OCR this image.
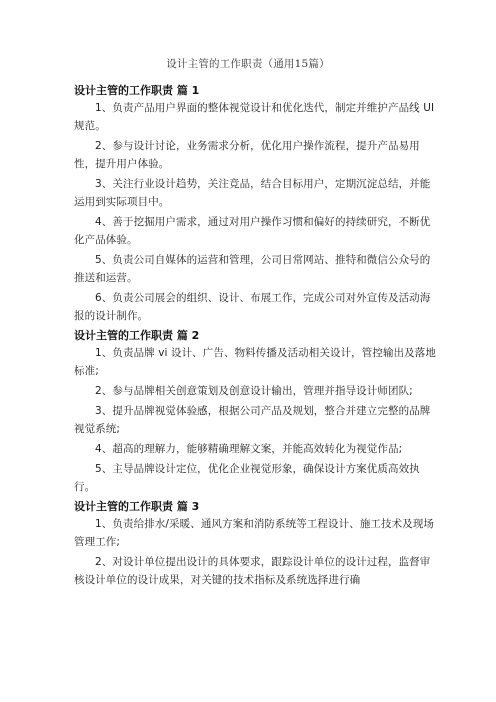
设计主管的工作职责（通用15篇）

设计主管的工作职责 篇 1

1、负责产品用户界面的整体视觉设计和优化迭代，制定并维护产品线 UI 规范。

2、参与设计讨论，业务需求分析，优化用户操作流程，提升产品易用性，提升用户体验。

3、关注行业设计趋势，关注竞品，结合目标用户，定期沉淀总结，并能运用到实际项目中。

4、善于挖掘用户需求，通过对用户操作习惯和偏好的持续研究，不断优化产品体验。

5、负责公司自媒体的运营和管理，公司日常网站、推特和微信公众号的推送和运营。

6、负责公司展会的组织、设计、布展工作，完成公司对外宣传及活动海报的设计制作。

设计主管的工作职责 篇 2

1、负责品牌 vi 设计、广告、物料传播及活动相关设计，管控输出及落地标准;

2、参与品牌相关创意策划及创意设计输出，管理并指导设计师团队;

3、提升品牌视觉体验感，根据公司产品及规划，整合并建立完整的品牌视觉系统;

4、超高的理解力，能够精确理解文案，并能高效转化为视觉作品;

5、主导品牌设计定位，优化企业视觉形象，确保设计方案优质高效执行。

设计主管的工作职责 篇 3

1、负责给排水/采暖、通风方案和消防系统等工程设计、施工技术及现场管理工作;

2、对设计单位提出设计的具体要求，跟踪设计单位的设计过程，监督审核设计单位的设计成果，对关键的技术指标及系统选择进行确
